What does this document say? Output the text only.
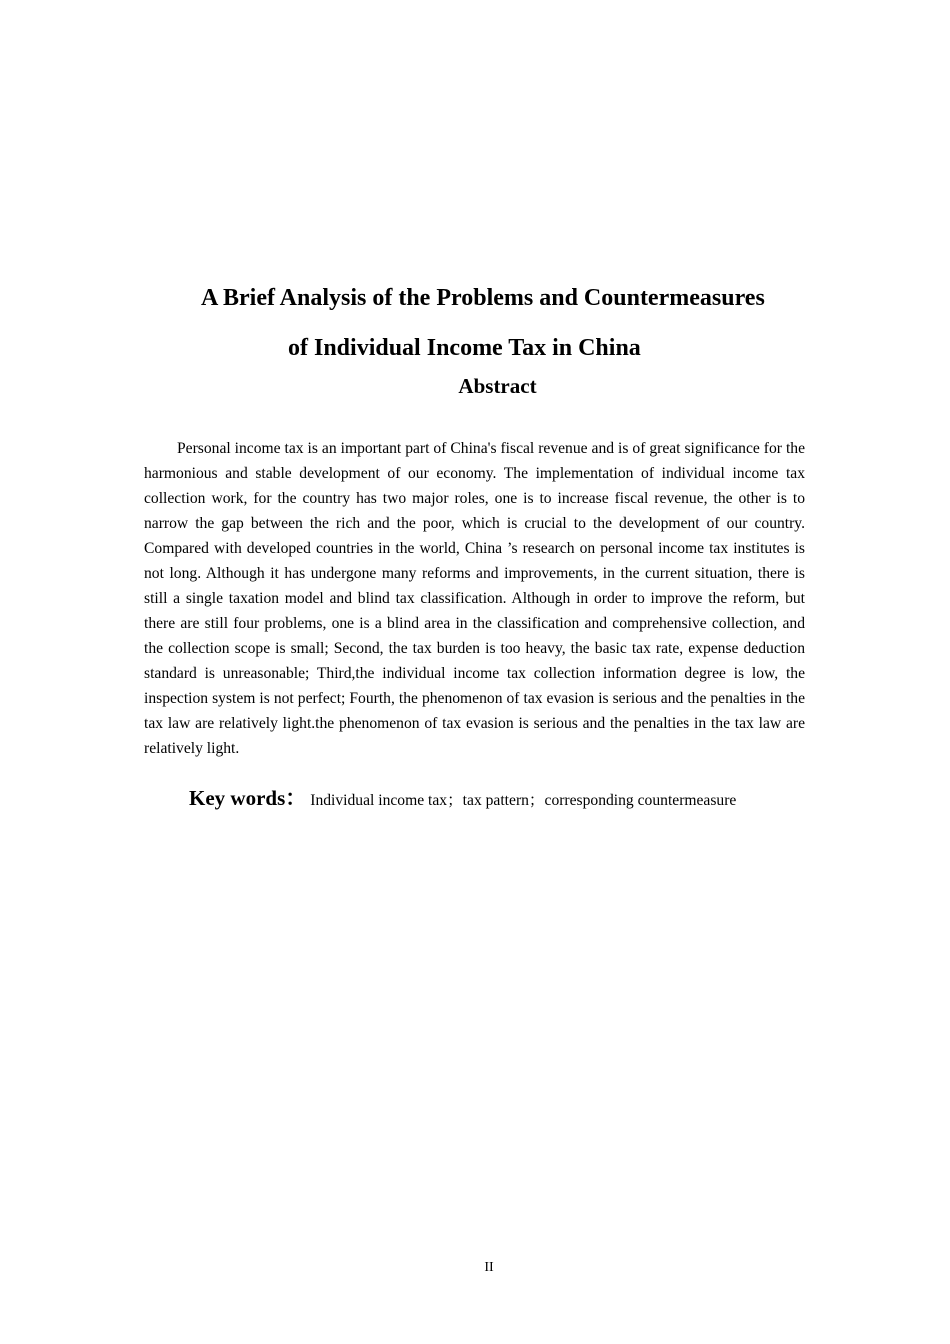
A Brief Analysis of the Problems and Countermeasures
of Individual Income Tax in China
Abstract

Personal income tax is an important part of China's fiscal revenue and is of great significance for the harmonious and stable development of our economy. The implementation of individual income tax collection work, for the country has two major roles, one is to increase fiscal revenue, the other is to narrow the gap between the rich and the poor, which is crucial to the development of our country. Compared with developed countries in the world, China ’s research on personal income tax institutes is not long. Although it has undergone many reforms and improvements, in the current situation, there is still a single taxation model and blind tax classification. Although in order to improve the reform, but there are still four problems, one is a blind area in the classification and comprehensive collection, and the collection scope is small; Second, the tax burden is too heavy, the basic tax rate, expense deduction standard is unreasonable; Third,the individual income tax collection information degree is low, the inspection system is not perfect; Fourth, the phenomenon of tax evasion is serious and the penalties in the tax law are relatively light.the phenomenon of tax evasion is serious and the penalties in the tax law are relatively light.

Key words： Individual income tax；tax pattern；corresponding countermeasure
II
